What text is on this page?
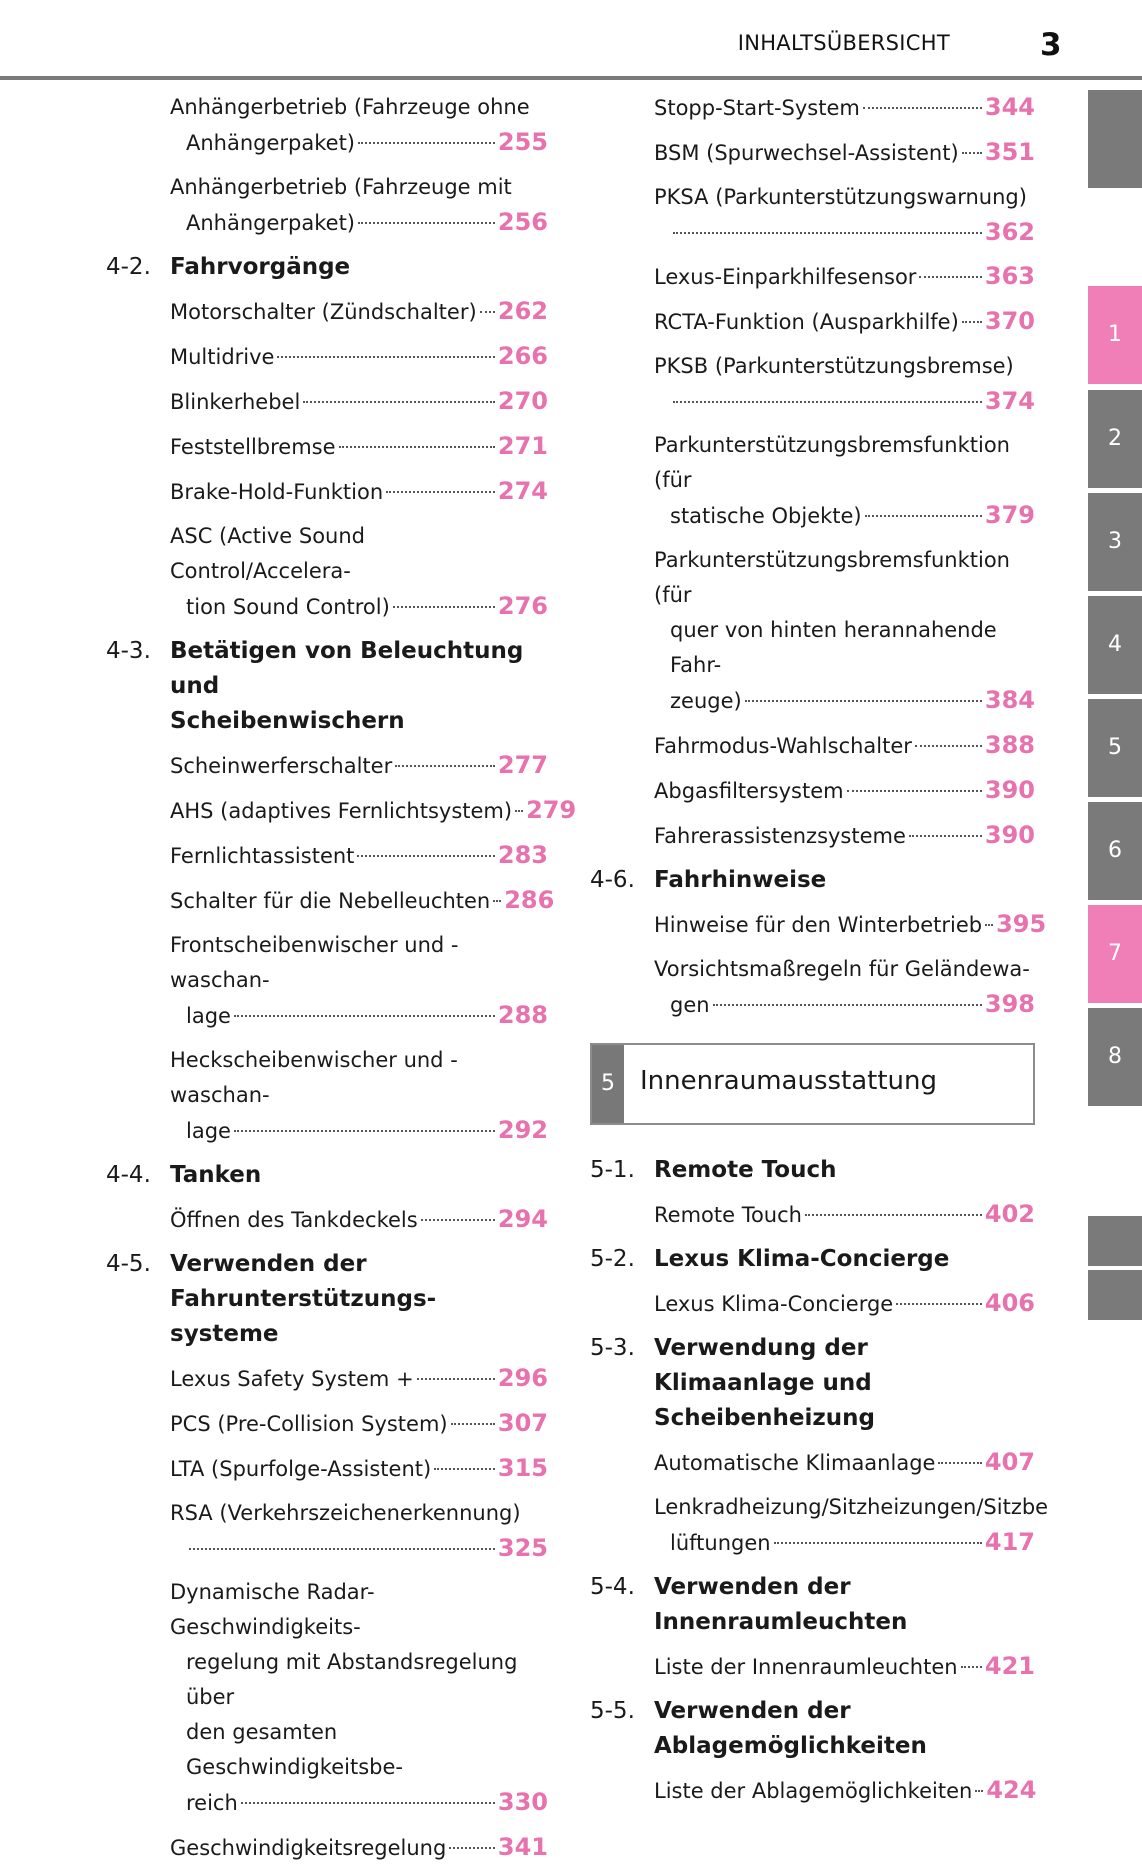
INHALTSÜBERSICHT	3
Anhängerbetrieb (Fahrzeuge ohne
Anhängerpaket)	255
Anhängerbetrieb (Fahrzeuge mit
Anhängerpaket)	256
4-2. Fahrvorgänge
Motorschalter (Zündschalter) 262
Multidrive	266
Blinkerhebel	270
Feststellbremse	271
Brake-Hold-Funktion	274
ASC (Active Sound Control/Accelera-
tion Sound Control)	276
4-3. Betätigen von Beleuchtung und
Scheibenwischern
Scheinwerferschalter	277
AHS (adaptives Fernlichtsystem) 279
Fernlichtassistent	283
Schalter für die Nebelleuchten 286
Frontscheibenwischer und -waschan-
lage	288
Heckscheibenwischer und -waschan-
lage	292
4-4. Tanken
Öffnen des Tankdeckels	294
4-5. Verwenden der Fahrunterstützungs-
systeme
Lexus Safety System +	296
PCS (Pre-Collision System) 307
LTA (Spurfolge-Assistent)	315
RSA (Verkehrszeichenerkennung)
325
Dynamische Radar-Geschwindigkeits-
regelung mit Abstandsregelung über
den gesamten Geschwindigkeitsbe-
reich	330
Geschwindigkeitsregelung 341
Stopp-Start-System	344
BSM (Spurwechsel-Assistent) 351
PKSA (Parkunterstützungswarnung)
362
Lexus-Einparkhilfesensor	363
RCTA-Funktion (Ausparkhilfe) 370
PKSB (Parkunterstützungsbremse)
374
Parkunterstützungsbremsfunktion (für
statische Objekte)	379
Parkunterstützungsbremsfunktion (für
quer von hinten herannahende Fahr-
zeuge)	384
Fahrmodus-Wahlschalter	388
Abgasfiltersystem	390
Fahrerassistenzsysteme	390
4-6. Fahrhinweise
Hinweise für den Winterbetrieb 395
Vorsichtsmaßregeln für Geländewa-
gen	398
5 Innenraumausstattung
5-1. Remote Touch
Remote Touch	402
5-2. Lexus Klima-Concierge
Lexus Klima-Concierge	406
5-3. Verwendung der Klimaanlage und
Scheibenheizung
Automatische Klimaanlage 407
Lenkradheizung/Sitzheizungen/Sitzbe
lüftungen	417
5-4. Verwenden der Innenraumleuchten
Liste der Innenraumleuchten 421
5-5. Verwenden der Ablagemöglichkeiten
Liste der Ablagemöglichkeiten 424
1
2
3
4
5
6
7
8
